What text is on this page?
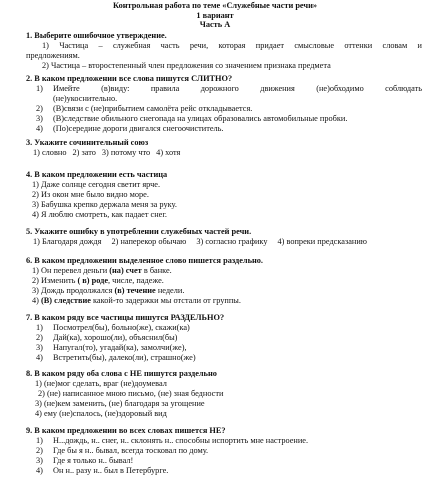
Контрольная работа по теме «Служебные части речи»
1 вариант
Часть А
1. Выберите ошибочное утверждение.
1) Частица – служебная часть речи, которая придает смысловые оттенки словам и
предложениям.
2) Частица – второстепенный член предложения со значением признака предмета
2. В каком предложении все слова пишутся СЛИТНО?
1) Имейте (в)виду: правила дорожного движения (не)обходимо соблюдать
(не)укоснительно.
2) (В)связи с (не)прибытием самолёта рейс откладывается.
3) (В)следствие обильного снегопада на улицах образовались автомобильные пробки.
4) (По)середине дороги двигался снегоочиститель.
3. Укажите сочинительный союз
1) словно 2) зато 3) потому что 4) хотя
4. В каком предложении есть частица
1) Даже солнце сегодня светит ярче.
2) Из окон мне было видно море.
3) Бабушка крепко держала меня за руку.
4) Я люблю смотреть, как падает снег.
5. Укажите ошибку в употреблении служебных частей речи.
1) Благодаря дождя 2) наперекор обычаю 3) согласно графику 4) вопреки предсказанию
6. В каком предложении выделенное слово пишется раздельно.
1) Он перевел деньги (на) счет в банке.
2) Изменить ( в) роде, числе, падеже.
3) Дождь продолжался (в) течение недели.
4) (В) следствие какой-то задержки мы отстали от группы.
7. В каком ряду все частицы пишутся РАЗДЕЛЬНО?
1) Посмотрел(бы), больно(же), скажи(ка)
2) Дай(ка), хорошо(ли), объяснил(бы)
3) Напугал(то), угадай(ка), замолчи(же),
4) Встретить(бы), далеко(ли), страшно(же)
8. В каком ряду оба слова с НЕ пишутся раздельно
1) (не)мог сделать, враг (не)доумевал
2) (не) написанное мною письмо, (не) зная бедности
3) (не)кем заменить, (не) благодаря за угощение
4) ему (не)спалось, (не)здоровый вид
9. В каком предложении во всех словах пишется НЕ?
1) Н...дождь, н.. снег, н.. склонять н.. способны испортить мне настроение.
2) Где бы я н.. бывал, всегда тосковал по дому.
3) Где я только н.. бывал!
4) Он н.. разу н.. был в Петербурге.
